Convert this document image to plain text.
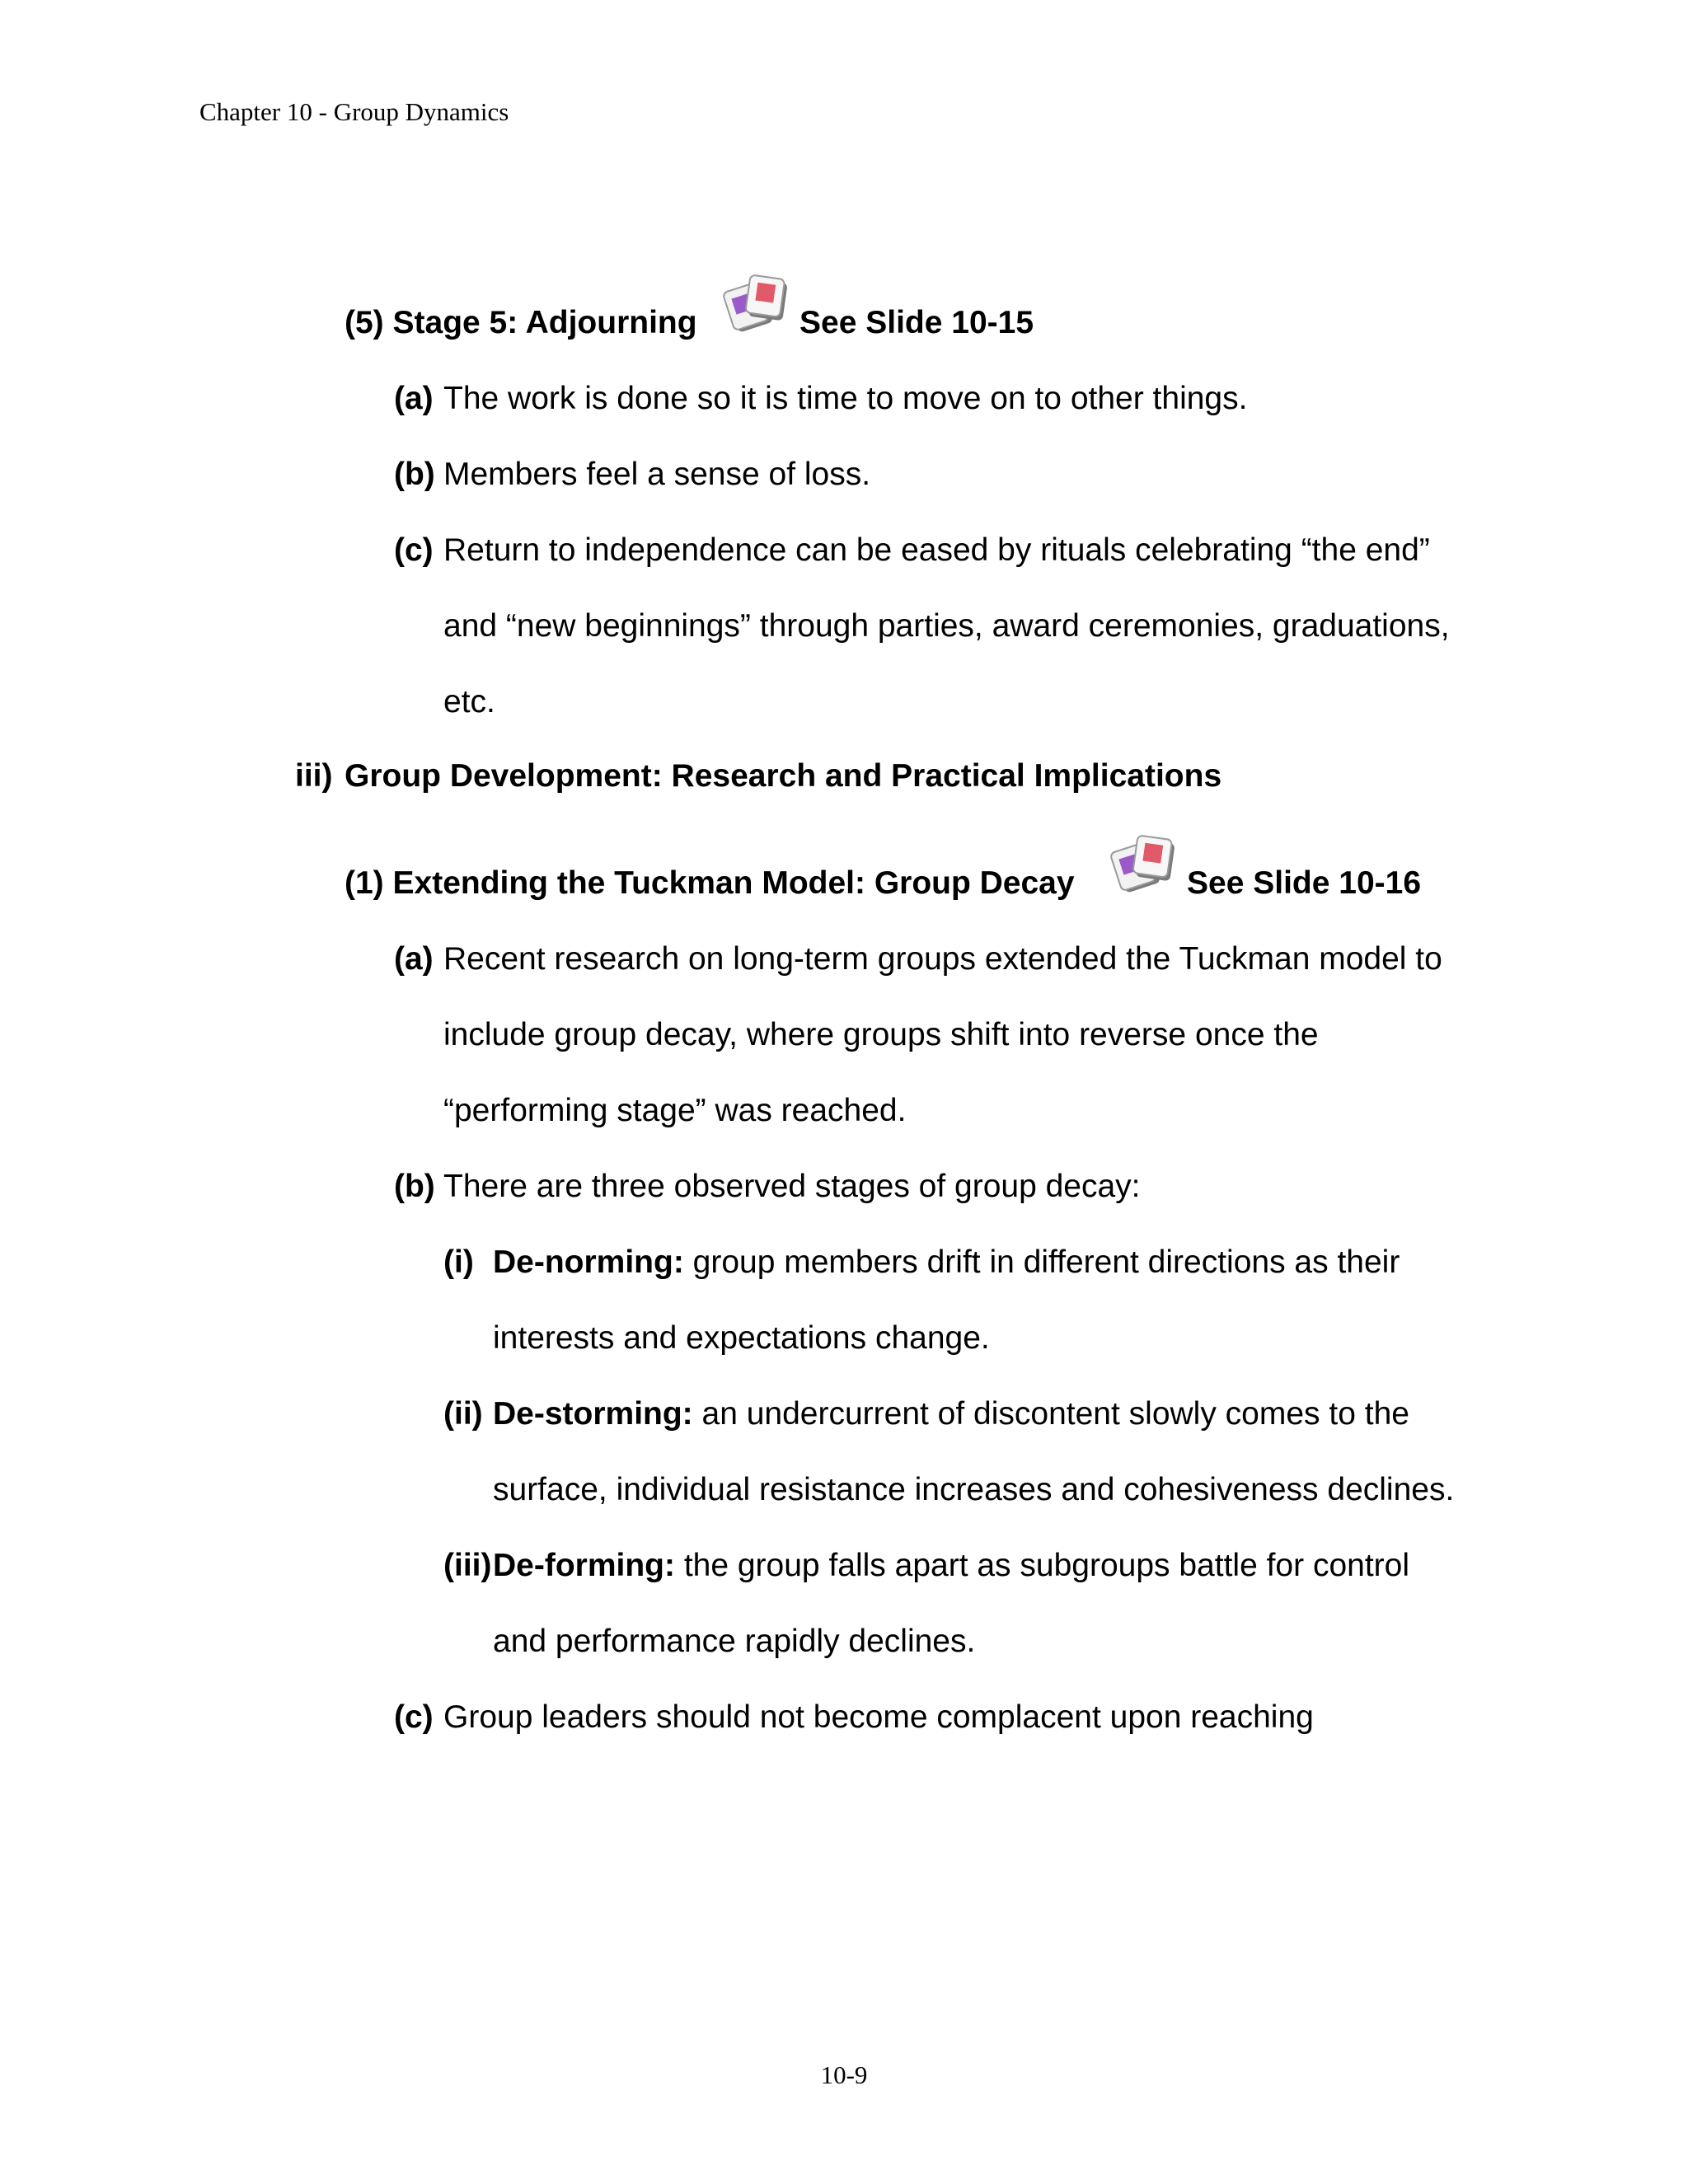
Chapter 10 - Group Dynamics
(5) Stage 5: Adjourning	See Slide 10-15
(a) The work is done so it is time to move on to other things.
(b) Members feel a sense of loss.
(c) Return to independence can be eased by rituals celebrating “the end”
and “new beginnings” through parties, award ceremonies, graduations,
etc.
iii) Group Development: Research and Practical Implications
(1) Extending the Tuckman Model: Group Decay	See Slide 10-16
(a) Recent research on long-term groups extended the Tuckman model to
include group decay, where groups shift into reverse once the
“performing stage” was reached.
(b) There are three observed stages of group decay:
(i) De-norming: group members drift in different directions as their
interests and expectations change.
(ii) De-storming: an undercurrent of discontent slowly comes to the
surface, individual resistance increases and cohesiveness declines.
(iii) De-forming: the group falls apart as subgroups battle for control
and performance rapidly declines.
(c) Group leaders should not become complacent upon reaching
10-9
